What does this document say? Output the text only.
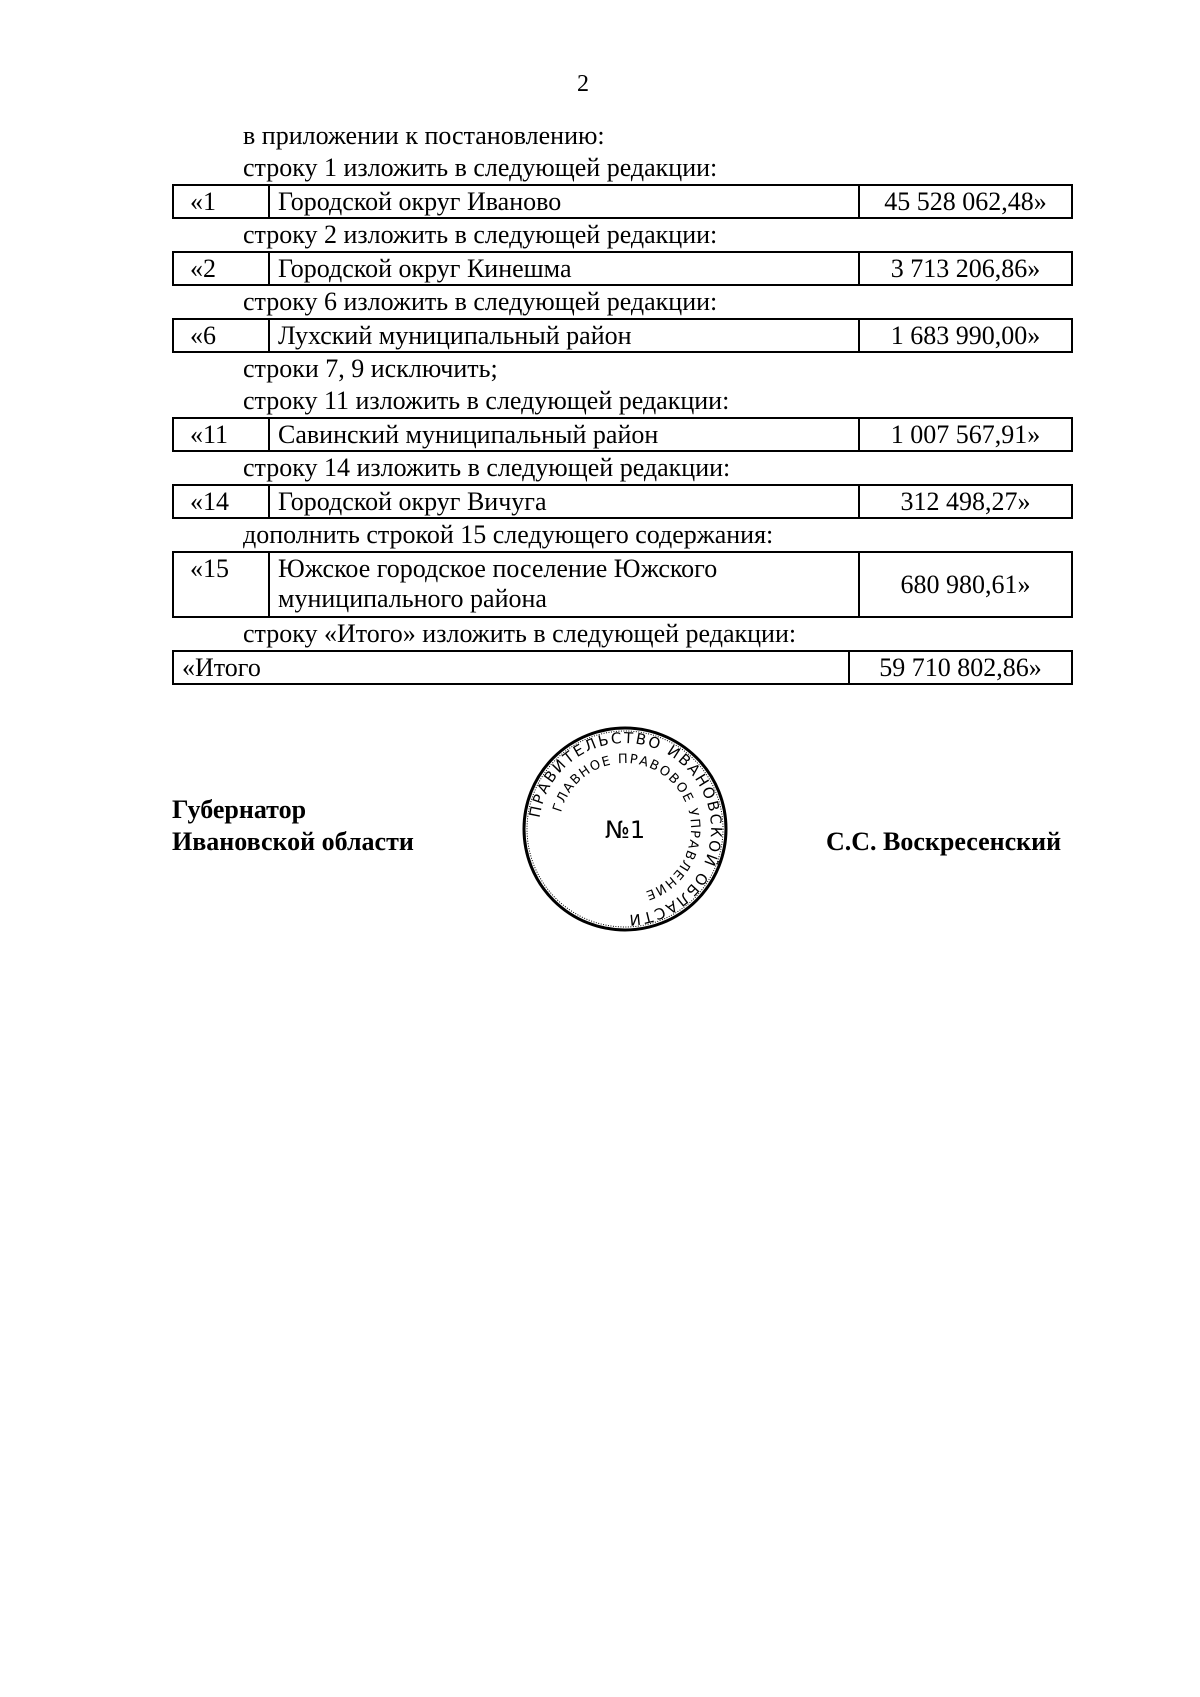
2
в приложении к постановлению:
строку 1 изложить в следующей редакции:
«1	Городской округ Иваново	45 528 062,48»
строку 2 изложить в следующей редакции:
«2	Городской округ Кинешма	3 713 206,86»
строку 6 изложить в следующей редакции:
«6	Лухский муниципальный район	1 683 990,00»
строки 7, 9 исключить;
строку 11 изложить в следующей редакции:
«11	Савинский муниципальный район	1 007 567,91»
строку 14 изложить в следующей редакции:
«14	Городской округ Вичуга	312 498,27»
дополнить строкой 15 следующего содержания:
«15	Южское городское поселение Южского
муниципального района	680 980,61»
строку «Итого» изложить в следующей редакции:
«Итого	59 710 802,86»
Губернатор
Ивановской области
ПРАВИТЕЛЬСТВО ИВАНОВСКОЙ ОБЛАСТИ
ГЛАВНОЕ ПРАВОВОЕ УПРАВЛЕНИЕ
№1	С.С. Воскресенский
